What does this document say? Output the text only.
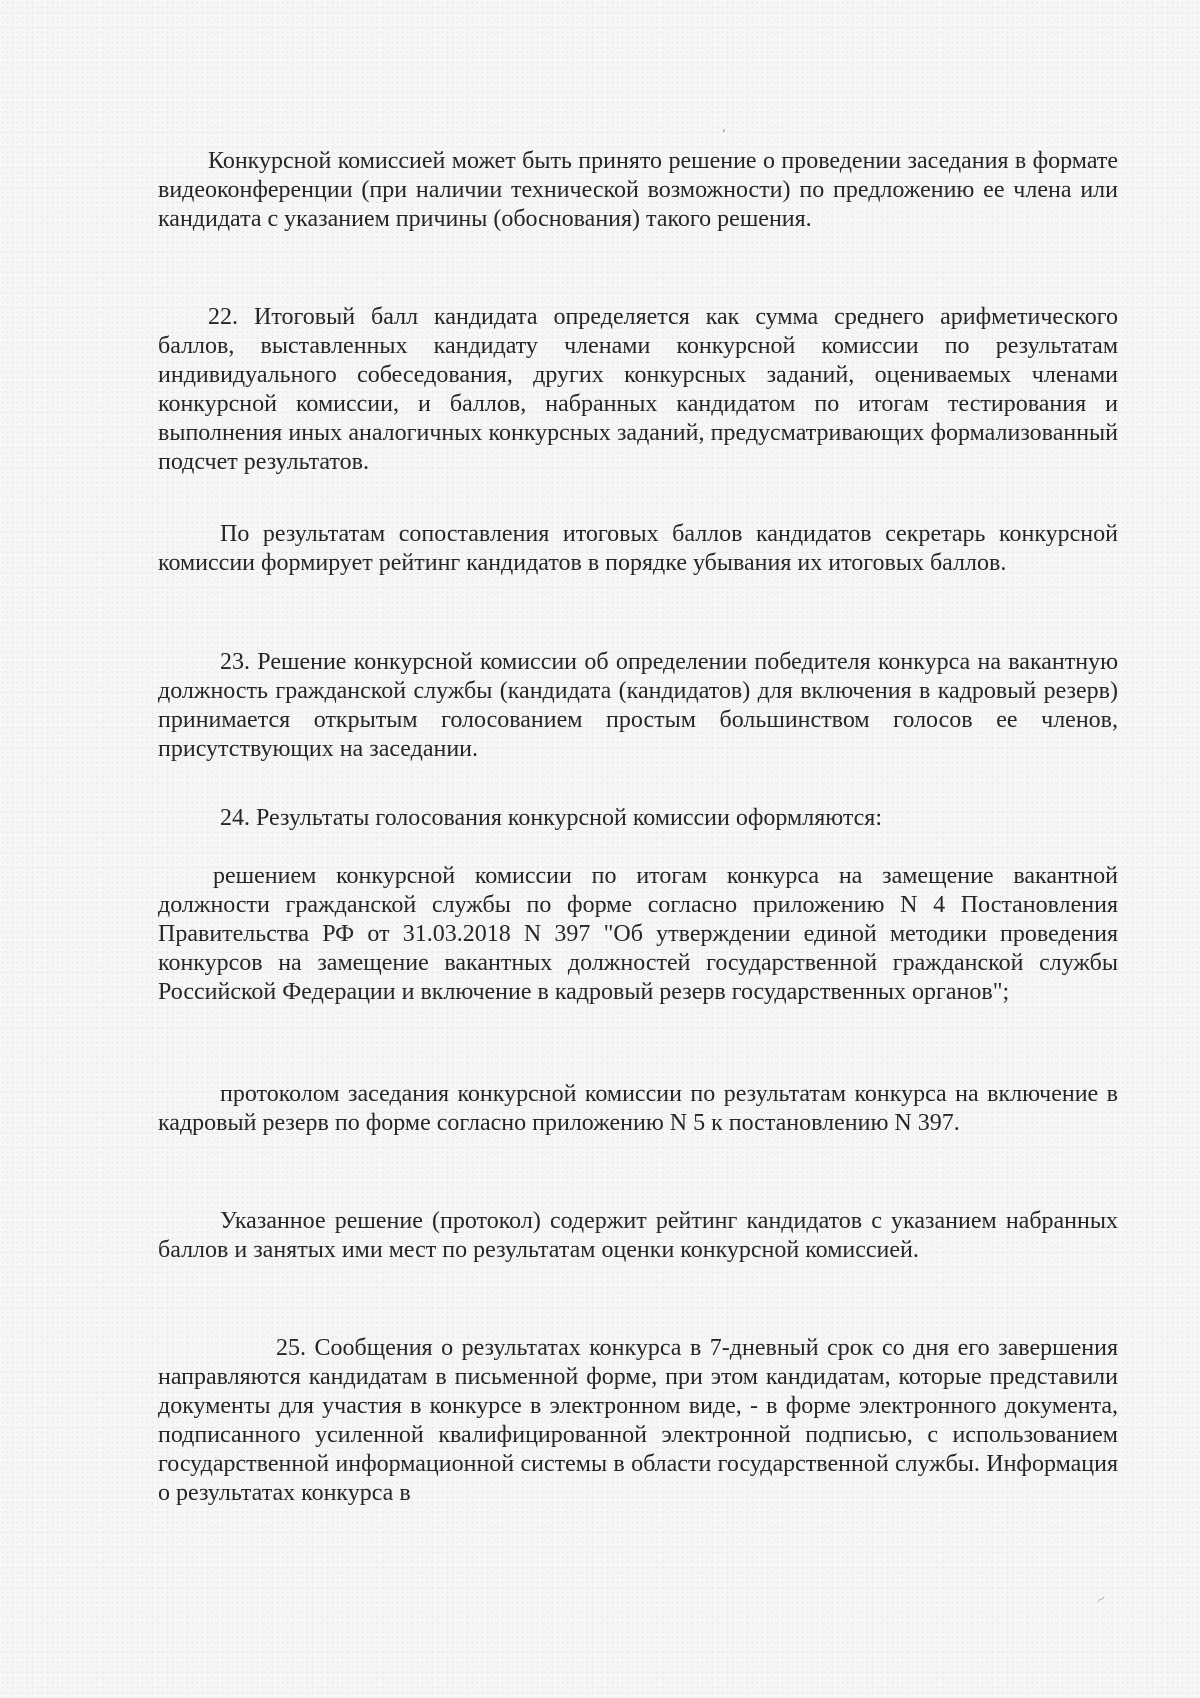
Конкурсной комиссией может быть принято решение о проведении заседания в формате видеоконференции (при наличии технической возможности) по предложению ее члена или кандидата с указанием причины (обоснования) такого решения.

22. Итоговый балл кандидата определяется как сумма среднего арифметического баллов, выставленных кандидату членами конкурсной комиссии по результатам индивидуального собеседования, других конкурсных заданий, оцениваемых членами конкурсной комиссии, и баллов, набранных кандидатом по итогам тестирования и выполнения иных аналогичных конкурсных заданий, предусматривающих формализованный подсчет результатов.

По результатам сопоставления итоговых баллов кандидатов секретарь конкурсной комиссии формирует рейтинг кандидатов в порядке убывания их итоговых баллов.

23. Решение конкурсной комиссии об определении победителя конкурса на вакантную должность гражданской службы (кандидата (кандидатов) для включения в кадровый резерв) принимается открытым голосованием простым большинством голосов ее членов, присутствующих на заседании.

24. Результаты голосования конкурсной комиссии оформляются:

решением конкурсной комиссии по итогам конкурса на замещение вакантной должности гражданской службы по форме согласно приложению N 4 Постановления Правительства РФ от 31.03.2018 N 397 "Об утверждении единой методики проведения конкурсов на замещение вакантных должностей государственной гражданской службы Российской Федерации и включение в кадровый резерв государственных органов";

протоколом заседания конкурсной комиссии по результатам конкурса на включение в кадровый резерв по форме согласно приложению N 5 к постановлению N 397.

Указанное решение (протокол) содержит рейтинг кандидатов с указанием набранных баллов и занятых ими мест по результатам оценки конкурсной комиссией.

25. Сообщения о результатах конкурса в 7-дневный срок со дня его завершения направляются кандидатам в письменной форме, при этом кандидатам, которые представили документы для участия в конкурсе в электронном виде, - в форме электронного документа, подписанного усиленной квалифицированной электронной подписью, с использованием государственной информационной системы в области государственной службы. Информация о результатах конкурса в

ʻ
~
